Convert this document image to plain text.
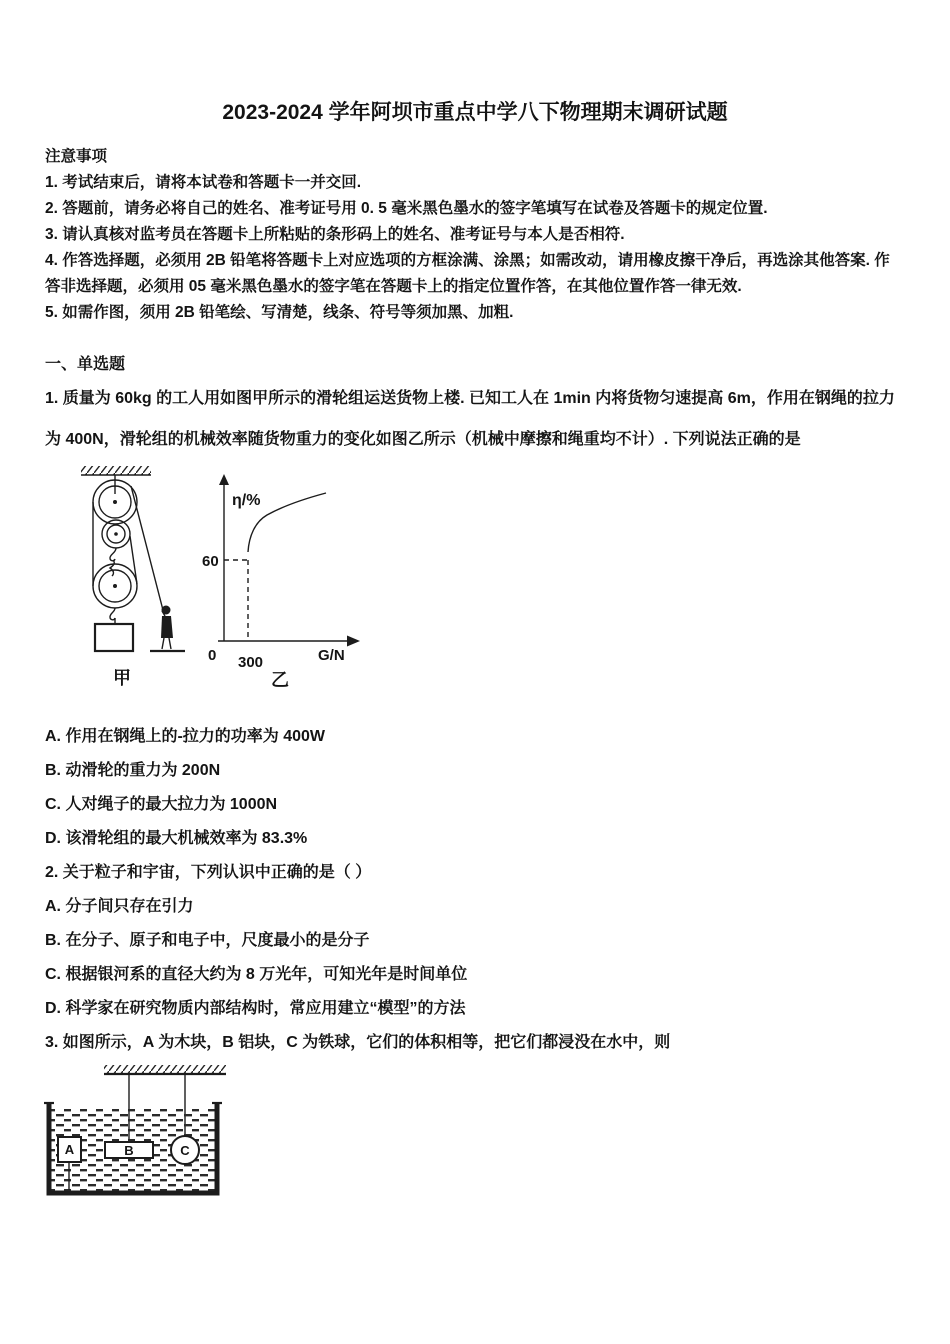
2023-2024 学年阿坝市重点中学八下物理期末调研试题
注意事项
1. 考试结束后，请将本试卷和答题卡一并交回.
2. 答题前，请务必将自己的姓名、准考证号用 0. 5 毫米黑色墨水的签字笔填写在试卷及答题卡的规定位置.
3. 请认真核对监考员在答题卡上所粘贴的条形码上的姓名、准考证号与本人是否相符.
4. 作答选择题，必须用 2B 铅笔将答题卡上对应选项的方框涂满、涂黑；如需改动，请用橡皮擦干净后，再选涂其他答案. 作答非选择题，必须用 05 毫米黑色墨水的签字笔在答题卡上的指定位置作答，在其他位置作答一律无效.
5. 如需作图，须用 2B 铅笔绘、写清楚，线条、符号等须加黑、加粗.
一、单选题
1. 质量为 60kg 的工人用如图甲所示的滑轮组运送货物上楼. 已知工人在 1min 内将货物匀速提高 6m，作用在钢绳的拉力为 400N，滑轮组的机械效率随货物重力的变化如图乙所示（机械中摩擦和绳重均不计）. 下列说法正确的是
甲
η/%
60
0 300	G/N
乙
A. 作用在钢绳上的-拉力的功率为 400W
B. 动滑轮的重力为 200N
C. 人对绳子的最大拉力为 1000N
D. 该滑轮组的最大机械效率为 83.3%
2. 关于粒子和宇宙，下列认识中正确的是（ ）
A. 分子间只存在引力
B. 在分子、原子和电子中，尺度最小的是分子
C. 根据银河系的直径大约为 8 万光年，可知光年是时间单位
D. 科学家在研究物质内部结构时，常应用建立“模型”的方法
3. 如图所示，A 为木块，B 铝块，C 为铁球，它们的体积相等，把它们都浸没在水中，则
A	B	C
